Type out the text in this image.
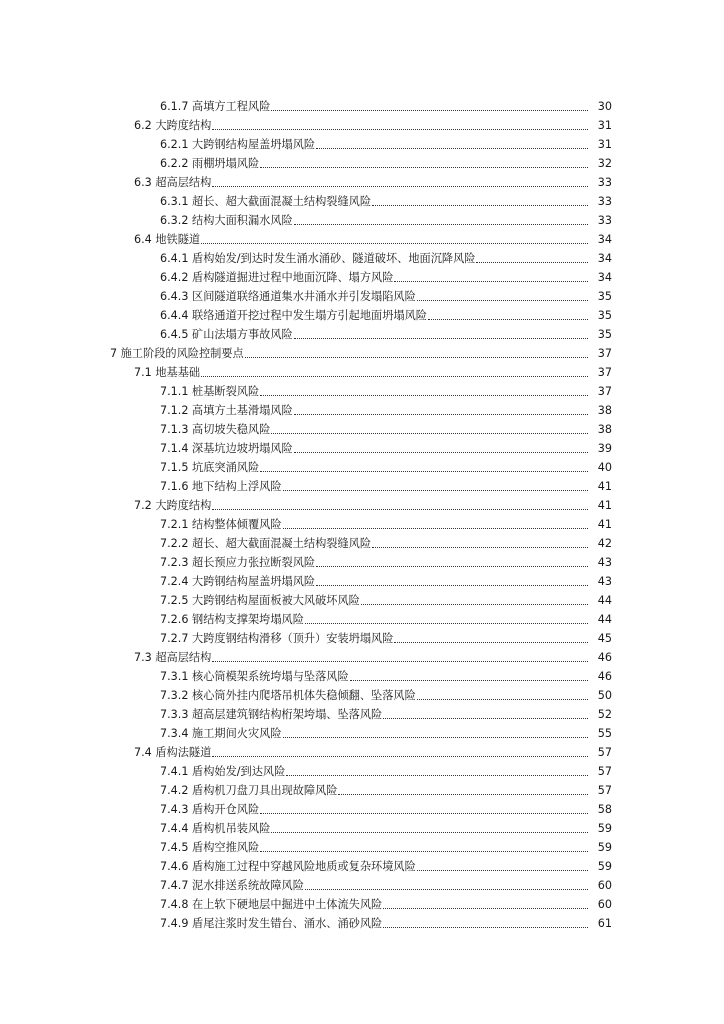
6.1.7 高填方工程风险	30
6.2 大跨度结构	31
6.2.1 大跨钢结构屋盖坍塌风险	31
6.2.2 雨棚坍塌风险	32
6.3 超高层结构	33
6.3.1 超长、超大截面混凝土结构裂缝风险	33
6.3.2 结构大面积漏水风险	33
6.4 地铁隧道	34
6.4.1 盾构始发/到达时发生涌水涌砂、隧道破坏、地面沉降风险	34
6.4.2 盾构隧道掘进过程中地面沉降、塌方风险	34
6.4.3 区间隧道联络通道集水井涌水并引发塌陷风险	35
6.4.4 联络通道开挖过程中发生塌方引起地面坍塌风险	35
6.4.5 矿山法塌方事故风险	35
7 施工阶段的风险控制要点	37
7.1 地基基础	37
7.1.1 桩基断裂风险	37
7.1.2 高填方土基滑塌风险	38
7.1.3 高切坡失稳风险	38
7.1.4 深基坑边坡坍塌风险	39
7.1.5 坑底突涌风险	40
7.1.6 地下结构上浮风险	41
7.2 大跨度结构	41
7.2.1 结构整体倾覆风险	41
7.2.2 超长、超大截面混凝土结构裂缝风险	42
7.2.3 超长预应力张拉断裂风险	43
7.2.4 大跨钢结构屋盖坍塌风险	43
7.2.5 大跨钢结构屋面板被大风破坏风险	44
7.2.6 钢结构支撑架垮塌风险	44
7.2.7 大跨度钢结构滑移（顶升）安装坍塌风险	45
7.3 超高层结构	46
7.3.1 核心筒模架系统垮塌与坠落风险	46
7.3.2 核心筒外挂内爬塔吊机体失稳倾翻、坠落风险	50
7.3.3 超高层建筑钢结构桁架垮塌、坠落风险	52
7.3.4 施工期间火灾风险	55
7.4 盾构法隧道	57
7.4.1 盾构始发/到达风险	57
7.4.2 盾构机刀盘刀具出现故障风险	57
7.4.3 盾构开仓风险	58
7.4.4 盾构机吊装风险	59
7.4.5 盾构空推风险	59
7.4.6 盾构施工过程中穿越风险地质或复杂环境风险	59
7.4.7 泥水排送系统故障风险	60
7.4.8 在上软下硬地层中掘进中土体流失风险	60
7.4.9 盾尾注浆时发生错台、涌水、涌砂风险	61
